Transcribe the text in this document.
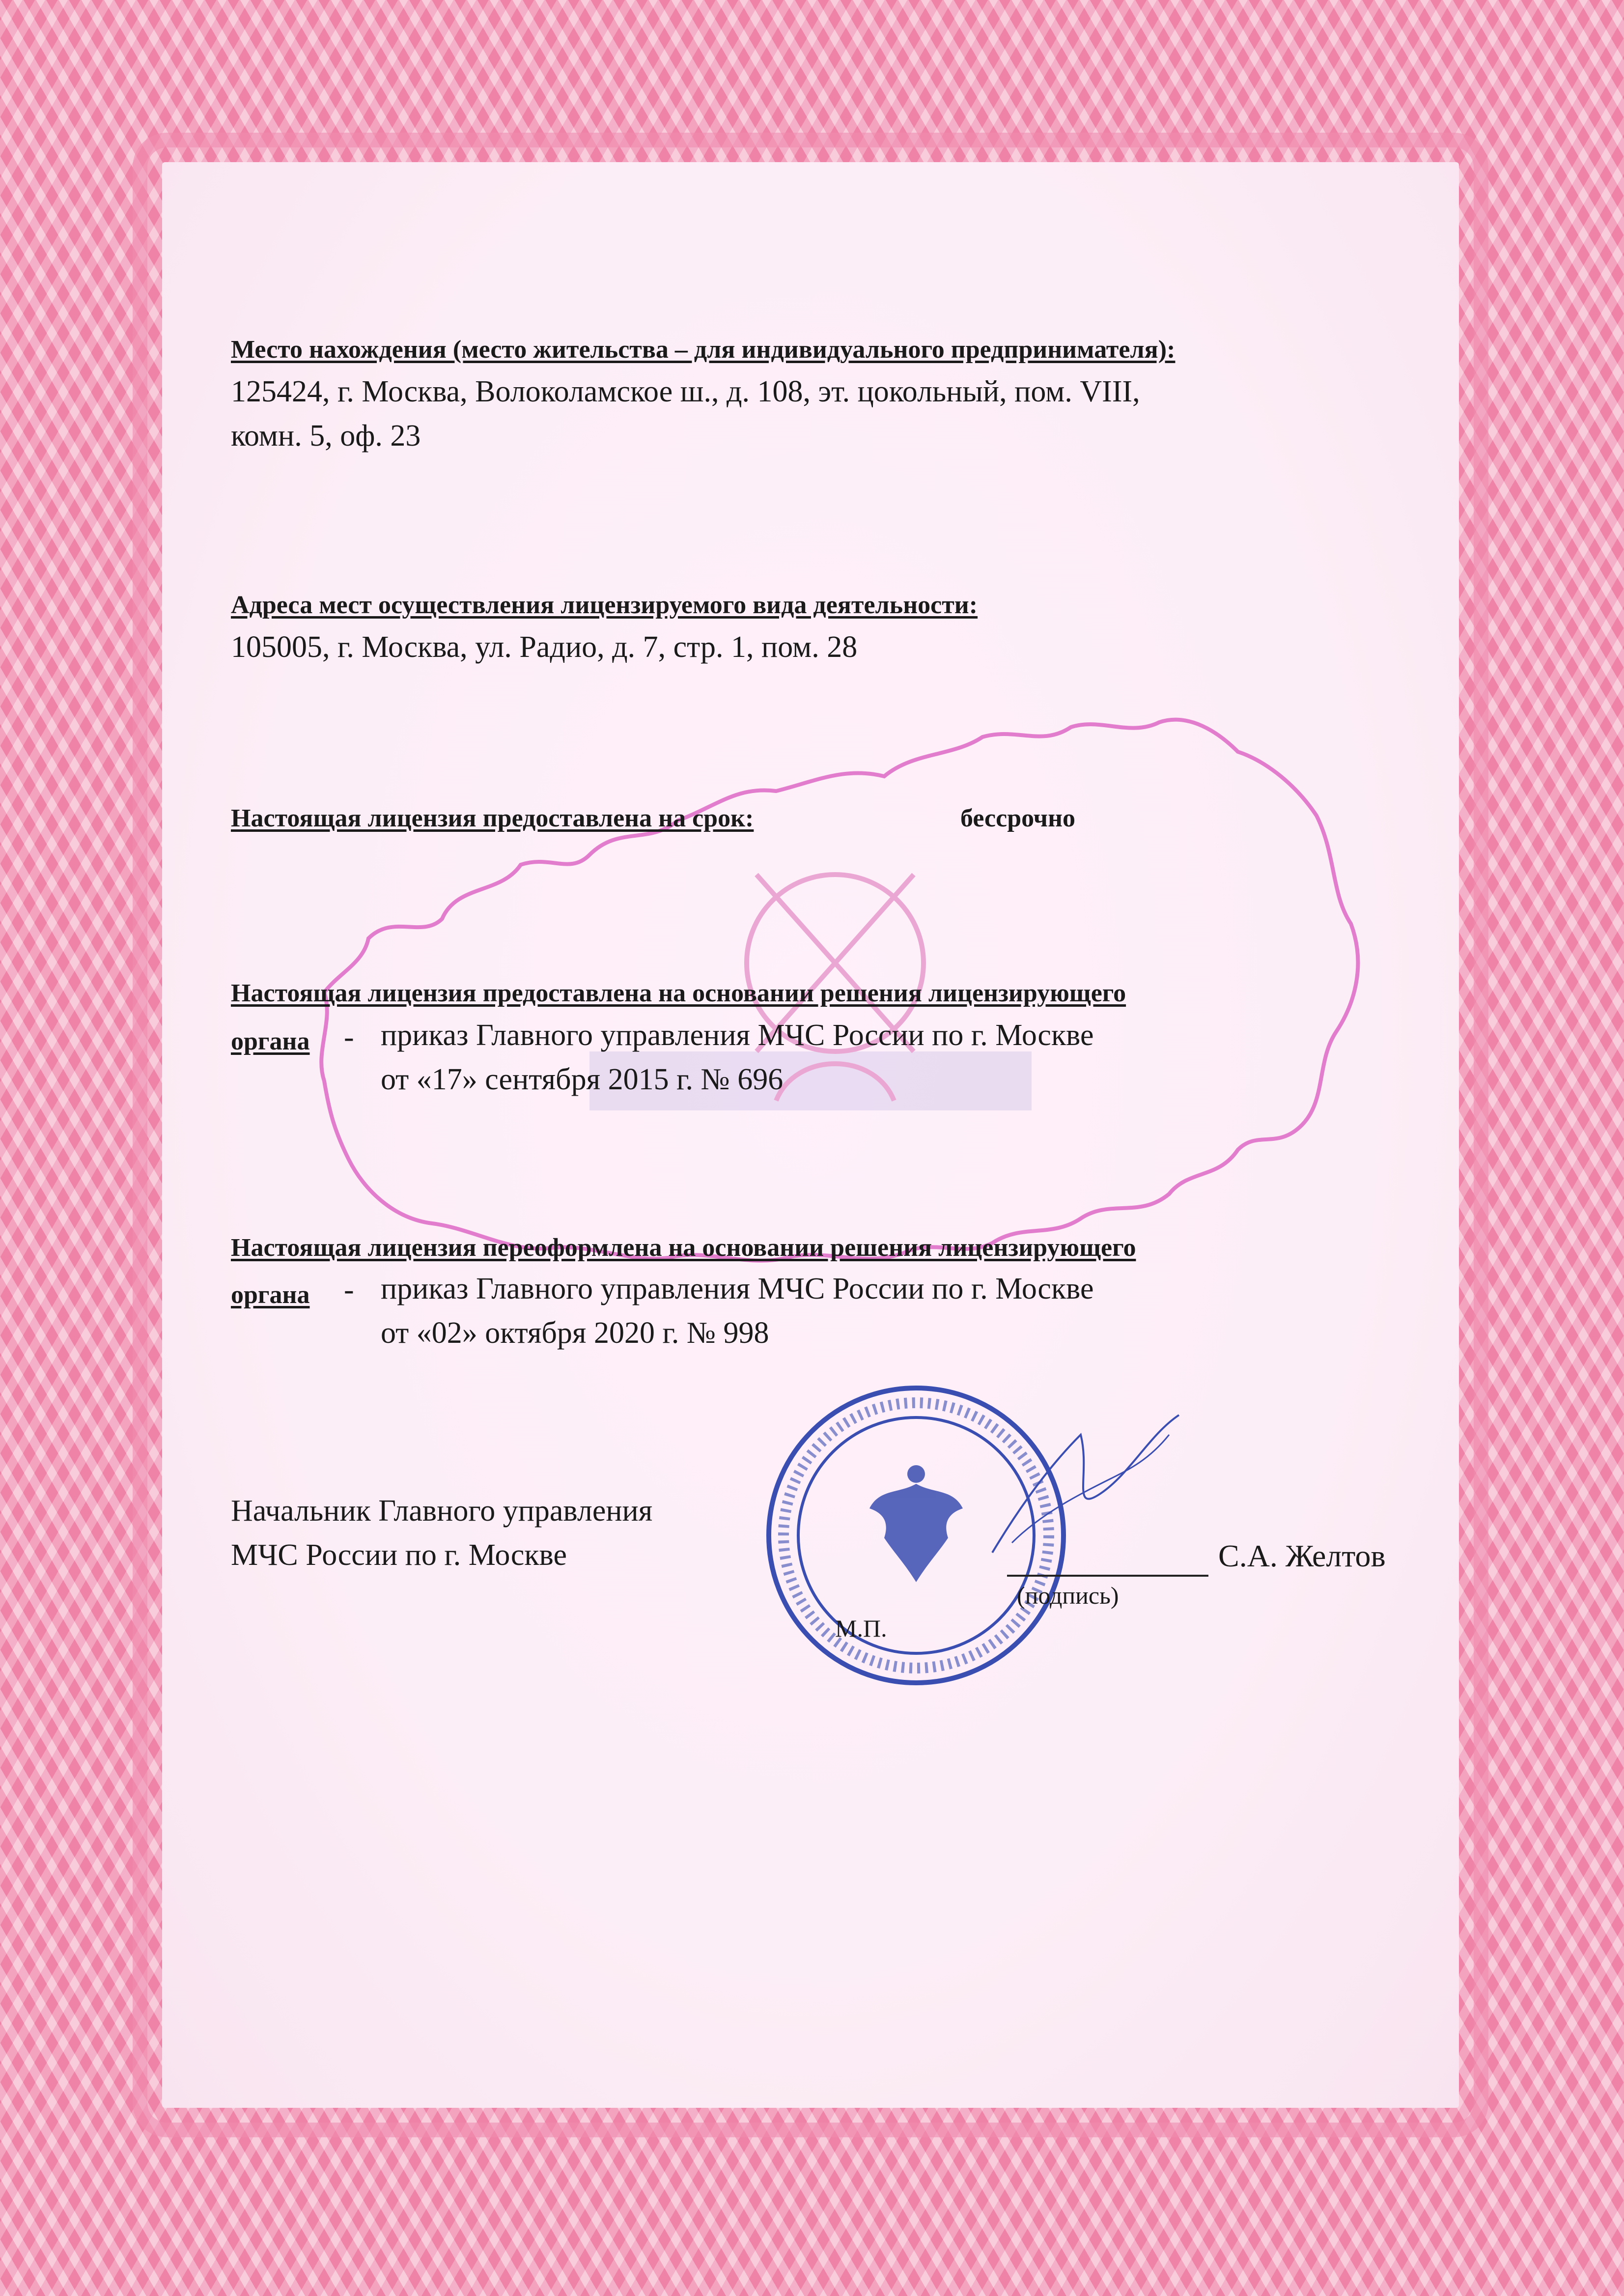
Место нахождения (место жительства – для индивидуального предпринимателя):
125424, г. Москва, Волоколамское ш., д. 108, эт. цокольный, пом. VIII,
комн. 5, оф. 23
Адреса мест осуществления лицензируемого вида деятельности:
105005, г. Москва, ул. Радио, д. 7, стр. 1, пом. 28
Настоящая лицензия предоставлена на срок:	бессрочно
Настоящая лицензия предоставлена на основании решения лицензирующего
органа - приказ Главного управления МЧС России по г. Москве
от «17» сентября 2015 г. № 696
Настоящая лицензия переоформлена на основании решения лицензирующего
органа - приказ Главного управления МЧС России по г. Москве
от «02» октября 2020 г. № 998
Начальник Главного управления
МЧС России по г. Москве	С.А. Желтов
(подпись)
М.П.
